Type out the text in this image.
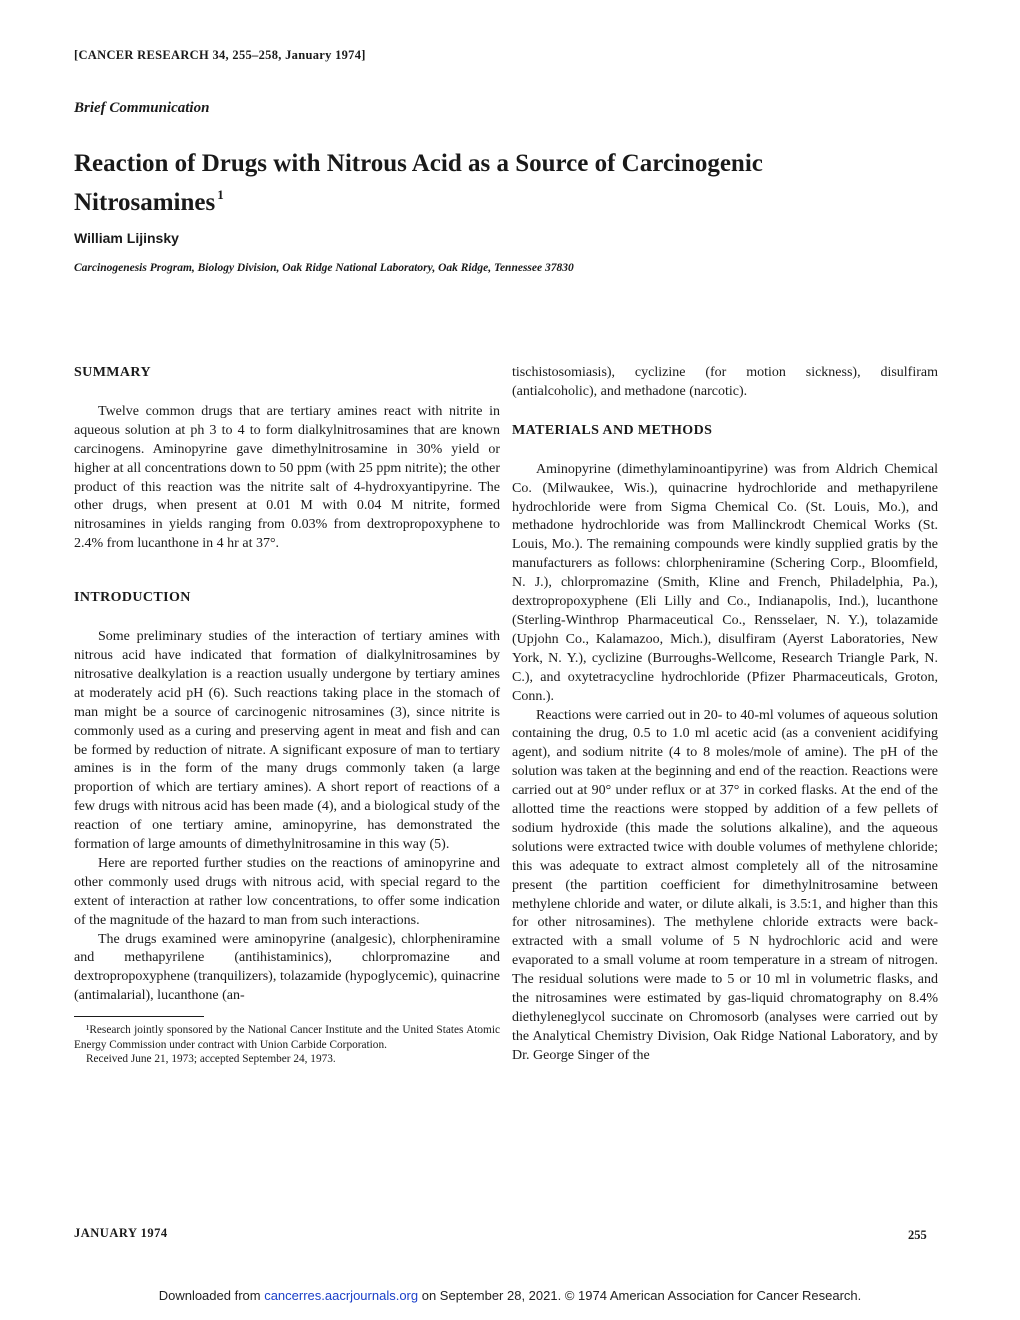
[CANCER RESEARCH 34, 255–258, January 1974]
Brief Communication
Reaction of Drugs with Nitrous Acid as a Source of Carcinogenic Nitrosamines $^1$
William Lijinsky
Carcinogenesis Program, Biology Division, Oak Ridge National Laboratory, Oak Ridge, Tennessee 37830
SUMMARY

Twelve common drugs that are tertiary amines react with nitrite in aqueous solution at ph 3 to 4 to form dialkylnitrosamines that are known carcinogens. Aminopyrine gave dimethylnitrosamine in 30% yield or higher at all concentrations down to 50 ppm (with 25 ppm nitrite); the other product of this reaction was the nitrite salt of 4-hydroxyantipyrine. The other drugs, when present at 0.01 M with 0.04 M nitrite, formed nitrosamines in yields ranging from 0.03% from dextropropoxyphene to 2.4% from lucanthone in 4 hr at 37°.

INTRODUCTION

Some preliminary studies of the interaction of tertiary amines with nitrous acid have indicated that formation of dialkylnitrosamines by nitrosative dealkylation is a reaction usually undergone by tertiary amines at moderately acid pH (6). Such reactions taking place in the stomach of man might be a source of carcinogenic nitrosamines (3), since nitrite is commonly used as a curing and preserving agent in meat and fish and can be formed by reduction of nitrate. A significant exposure of man to tertiary amines is in the form of the many drugs commonly taken (a large proportion of which are tertiary amines). A short report of reactions of a few drugs with nitrous acid has been made (4), and a biological study of the reaction of one tertiary amine, aminopyrine, has demonstrated the formation of large amounts of dimethylnitrosamine in this way (5).

Here are reported further studies on the reactions of aminopyrine and other commonly used drugs with nitrous acid, with special regard to the extent of interaction at rather low concentrations, to offer some indication of the magnitude of the hazard to man from such interactions.

The drugs examined were aminopyrine (analgesic), chlorpheniramine and methapyrilene (antihistaminics), chlorpromazine and dextropropoxyphene (tranquilizers), tolazamide (hypoglycemic), quinacrine (antimalarial), lucanthone (an-

¹Research jointly sponsored by the National Cancer Institute and the United States Atomic Energy Commission under contract with Union Carbide Corporation.

Received June 21, 1973; accepted September 24, 1973.

tischistosomiasis), cyclizine (for motion sickness), disulfiram (antialcoholic), and methadone (narcotic).

MATERIALS AND METHODS

Aminopyrine (dimethylaminoantipyrine) was from Aldrich Chemical Co. (Milwaukee, Wis.), quinacrine hydrochloride and methapyrilene hydrochloride were from Sigma Chemical Co. (St. Louis, Mo.), and methadone hydrochloride was from Mallinckrodt Chemical Works (St. Louis, Mo.). The remaining compounds were kindly supplied gratis by the manufacturers as follows: chlorpheniramine (Schering Corp., Bloomfield, N. J.), chlorpromazine (Smith, Kline and French, Philadelphia, Pa.), dextropropoxyphene (Eli Lilly and Co., Indianapolis, Ind.), lucanthone (Sterling-Winthrop Pharmaceutical Co., Rensselaer, N. Y.), tolazamide (Upjohn Co., Kalamazoo, Mich.), disulfiram (Ayerst Laboratories, New York, N. Y.), cyclizine (Burroughs-Wellcome, Research Triangle Park, N. C.), and oxytetracycline hydrochloride (Pfizer Pharmaceuticals, Groton, Conn.).

Reactions were carried out in 20- to 40-ml volumes of aqueous solution containing the drug, 0.5 to 1.0 ml acetic acid (as a convenient acidifying agent), and sodium nitrite (4 to 8 moles/mole of amine). The pH of the solution was taken at the beginning and end of the reaction. Reactions were carried out at 90° under reflux or at 37° in corked flasks. At the end of the allotted time the reactions were stopped by addition of a few pellets of sodium hydroxide (this made the solutions alkaline), and the aqueous solutions were extracted twice with double volumes of methylene chloride; this was adequate to extract almost completely all of the nitrosamine present (the partition coefficient for dimethylnitrosamine between methylene chloride and water, or dilute alkali, is 3.5:1, and higher than this for other nitrosamines). The methylene chloride extracts were back-extracted with a small volume of 5 N hydrochloric acid and were evaporated to a small volume at room temperature in a stream of nitrogen. The residual solutions were made to 5 or 10 ml in volumetric flasks, and the nitrosamines were estimated by gas-liquid chromatography on 8.4% diethyleneglycol succinate on Chromosorb (analyses were carried out by the Analytical Chemistry Division, Oak Ridge National Laboratory, and by Dr. George Singer of the

JANUARY 1974	255
Downloaded from cancerres.aacrjournals.org on September 28, 2021. © 1974 American Association for Cancer Research.
